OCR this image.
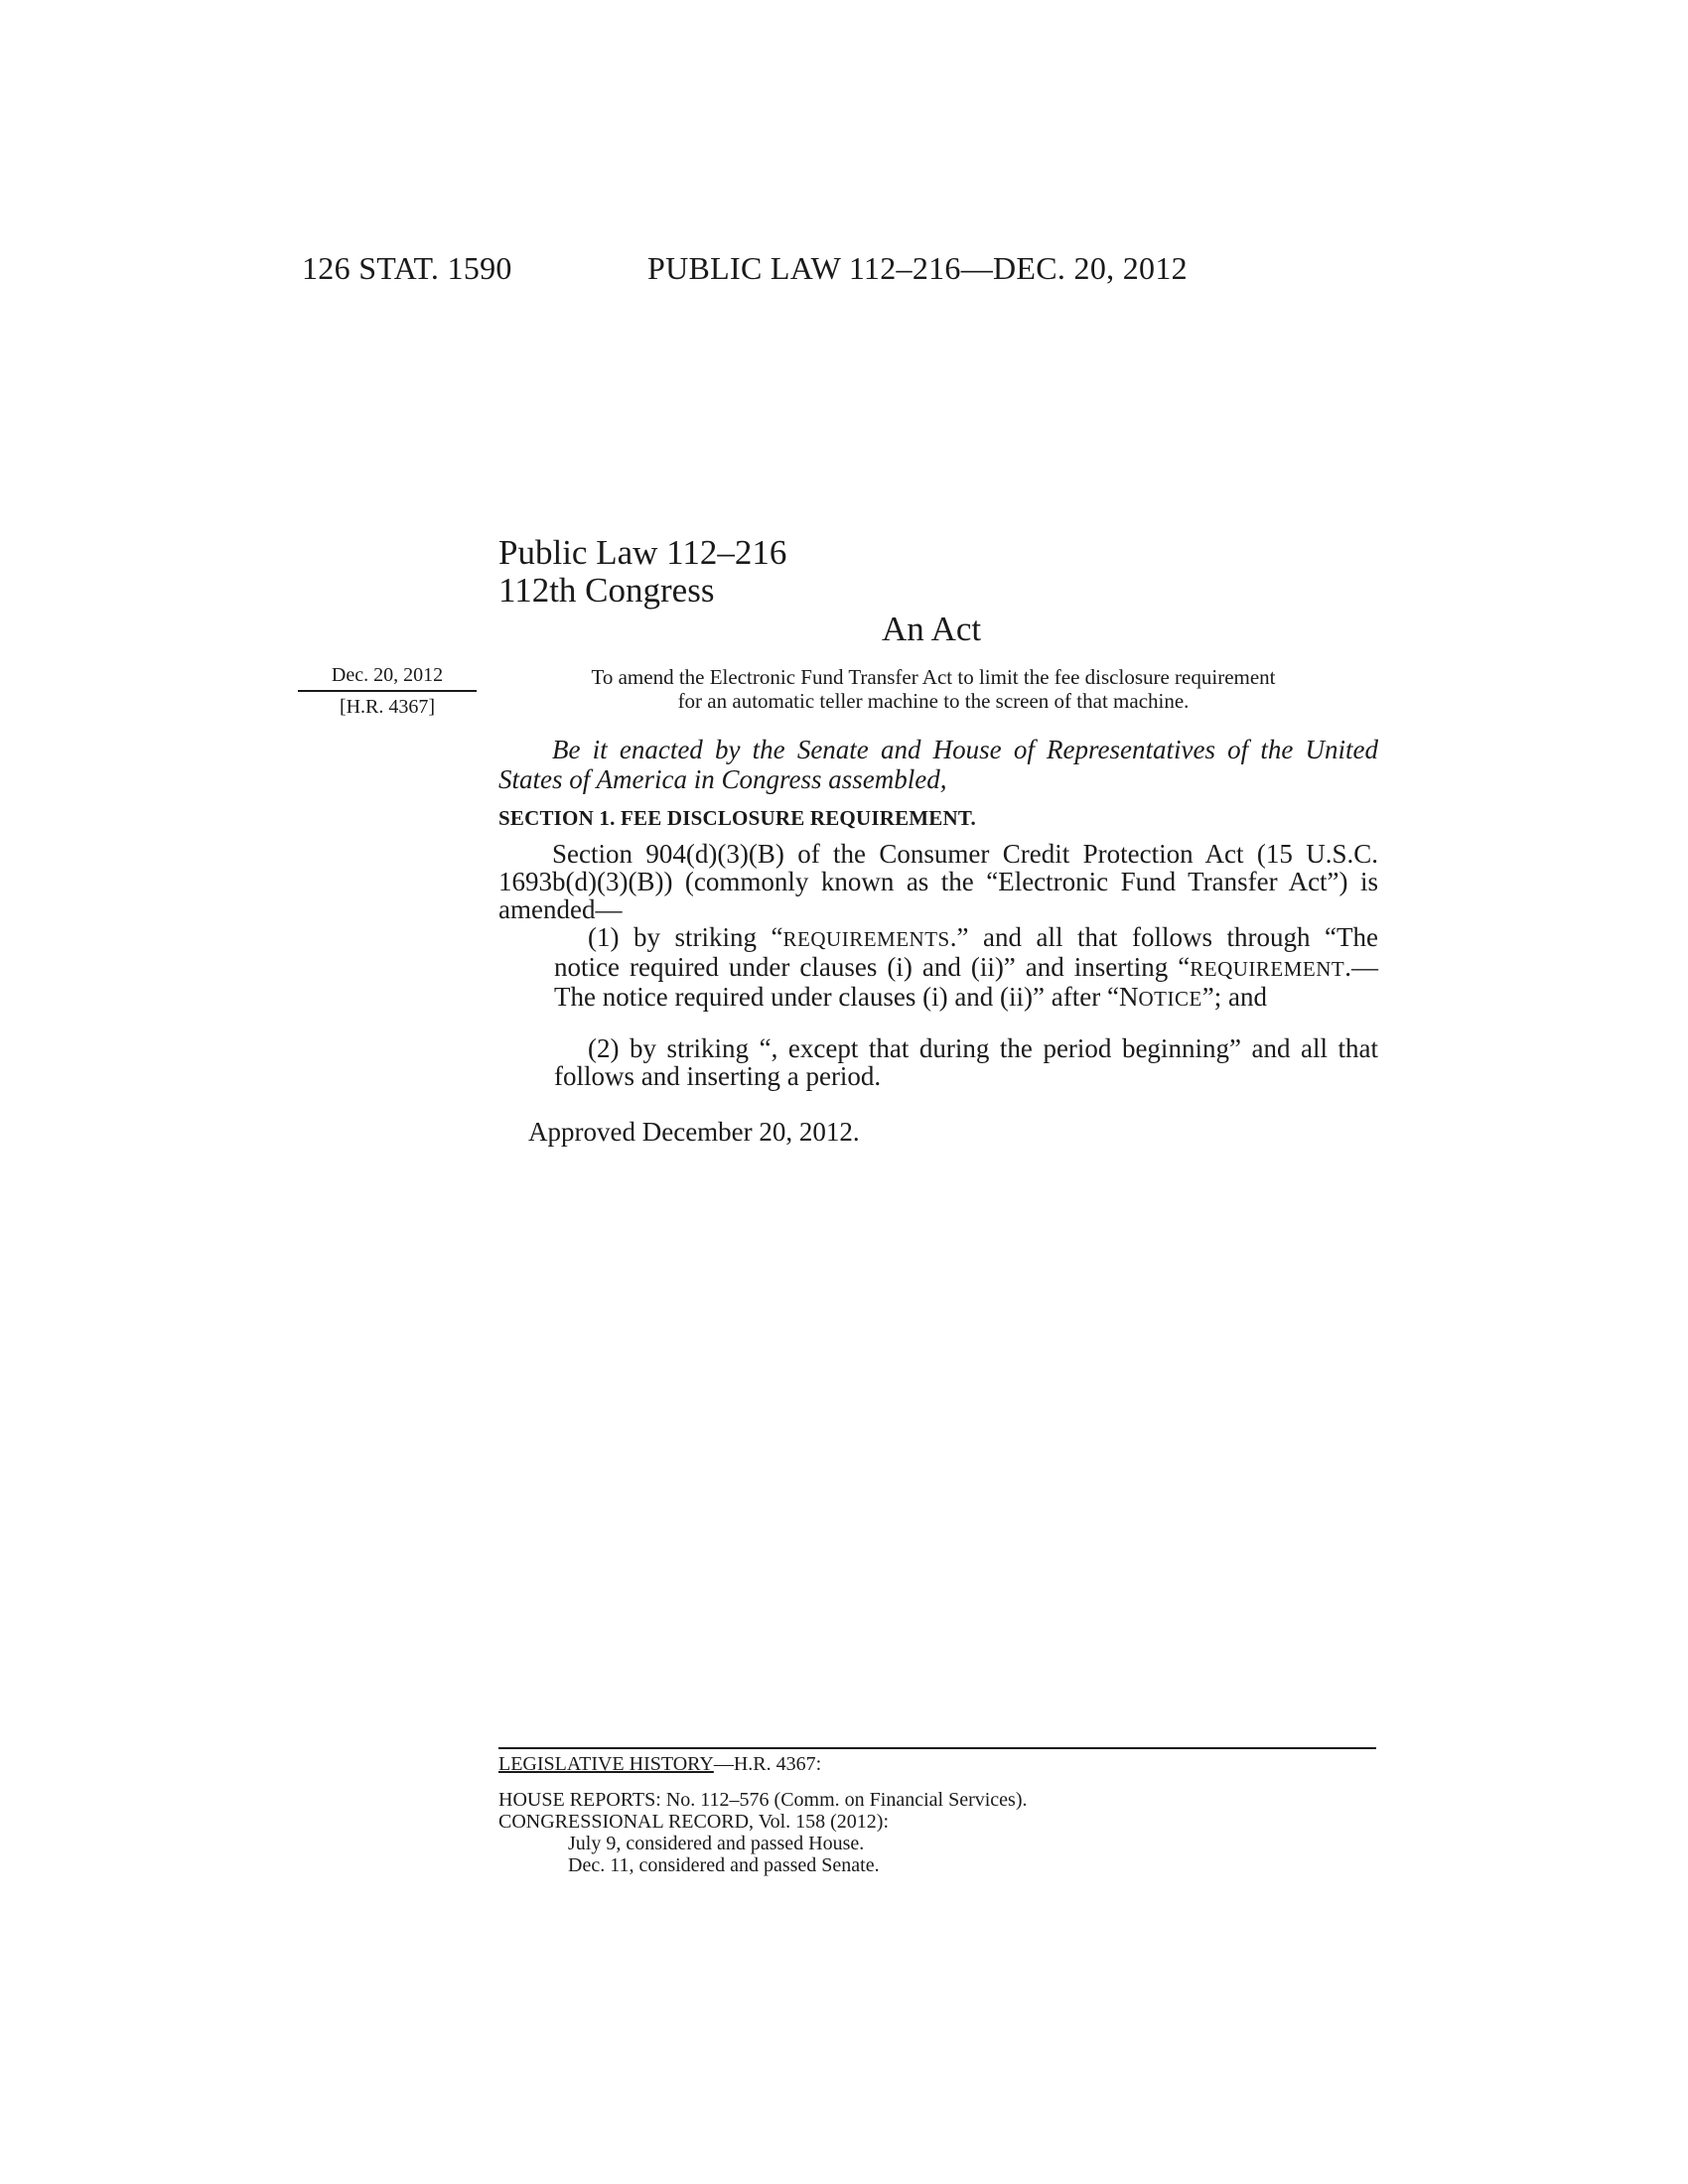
126 STAT. 1590	PUBLIC LAW 112–216—DEC. 20, 2012
Public Law 112–216
112th Congress
An Act
Dec. 20, 2012
[H.R. 4367]
To amend the Electronic Fund Transfer Act to limit the fee disclosure requirement
for an automatic teller machine to the screen of that machine.
Be it enacted by the Senate and House of Representatives of the United States of America in Congress assembled,
SECTION 1. FEE DISCLOSURE REQUIREMENT.
Section 904(d)(3)(B) of the Consumer Credit Protection Act (15 U.S.C. 1693b(d)(3)(B)) (commonly known as the “Electronic Fund Transfer Act”) is amended—
(1) by striking “REQUIREMENTS.” and all that follows through “The notice required under clauses (i) and (ii)” and inserting “REQUIREMENT.—The notice required under clauses (i) and (ii)” after “NOTICE”; and
(2) by striking “, except that during the period beginning” and all that follows and inserting a period.
Approved December 20, 2012.
LEGISLATIVE HISTORY—H.R. 4367:
HOUSE REPORTS: No. 112–576 (Comm. on Financial Services).
CONGRESSIONAL RECORD, Vol. 158 (2012):
July 9, considered and passed House.
Dec. 11, considered and passed Senate.
